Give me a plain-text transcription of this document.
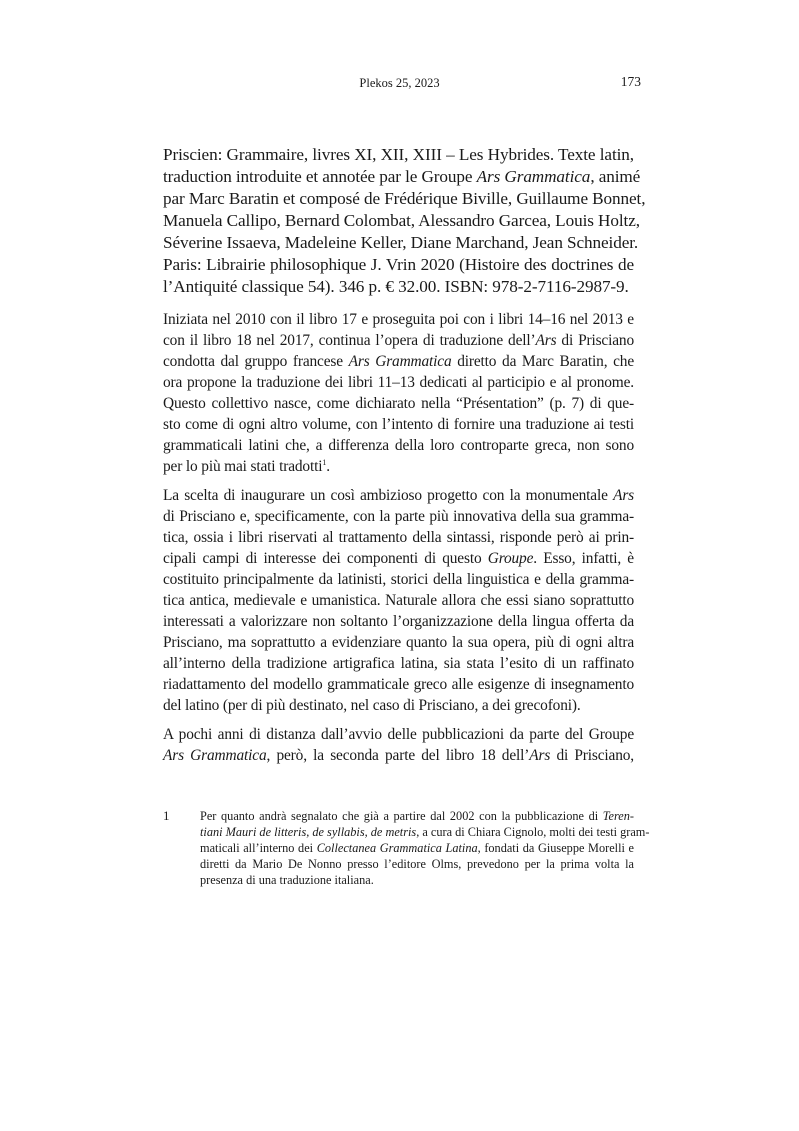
Plekos 25, 2023	173
Priscien: Grammaire, livres XI, XII, XIII – Les Hybrides. Texte latin,
traduction introduite et annotée par le Groupe Ars Grammatica, animé
par Marc Baratin et composé de Frédérique Biville, Guillaume Bonnet,
Manuela Callipo, Bernard Colombat, Alessandro Garcea, Louis Holtz,
Séverine Issaeva, Madeleine Keller, Diane Marchand, Jean Schneider.
Paris: Librairie philosophique J. Vrin 2020 (Histoire des doctrines de
l’Antiquité classique 54). 346 p. € 32.00. ISBN: 978-2-7116-2987-9.

Iniziata nel 2010 con il libro 17 e proseguita poi con i libri 14–16 nel 2013 e
con il libro 18 nel 2017, continua l’opera di traduzione dell’Ars di Prisciano
condotta dal gruppo francese Ars Grammatica diretto da Marc Baratin, che
ora propone la traduzione dei libri 11–13 dedicati al participio e al pronome.
Questo collettivo nasce, come dichiarato nella “Présentation” (p. 7) di que-
sto come di ogni altro volume, con l’intento di fornire una traduzione ai testi
grammaticali latini che, a differenza della loro controparte greca, non sono
per lo più mai stati tradotti$^1$.

La scelta di inaugurare un così ambizioso progetto con la monumentale Ars
di Prisciano e, specificamente, con la parte più innovativa della sua gramma-
tica, ossia i libri riservati al trattamento della sintassi, risponde però ai prin-
cipali campi di interesse dei componenti di questo Groupe. Esso, infatti, è
costituito principalmente da latinisti, storici della linguistica e della gramma-
tica antica, medievale e umanistica. Naturale allora che essi siano soprattutto
interessati a valorizzare non soltanto l’organizzazione della lingua offerta da
Prisciano, ma soprattutto a evidenziare quanto la sua opera, più di ogni altra
all’interno della tradizione artigrafica latina, sia stata l’esito di un raffinato
riadattamento del modello grammaticale greco alle esigenze di insegnamento
del latino (per di più destinato, nel caso di Prisciano, a dei grecofoni).

A pochi anni di distanza dall’avvio delle pubblicazioni da parte del Groupe
Ars Grammatica, però, la seconda parte del libro 18 dell’Ars di Prisciano,

1 Per quanto andrà segnalato che già a partire dal 2002 con la pubblicazione di Teren-
tiani Mauri de litteris, de syllabis, de metris, a cura di Chiara Cignolo, molti dei testi gram-
maticali all’interno dei Collectanea Grammatica Latina, fondati da Giuseppe Morelli e
diretti da Mario De Nonno presso l’editore Olms, prevedono per la prima volta la
presenza di una traduzione italiana.
